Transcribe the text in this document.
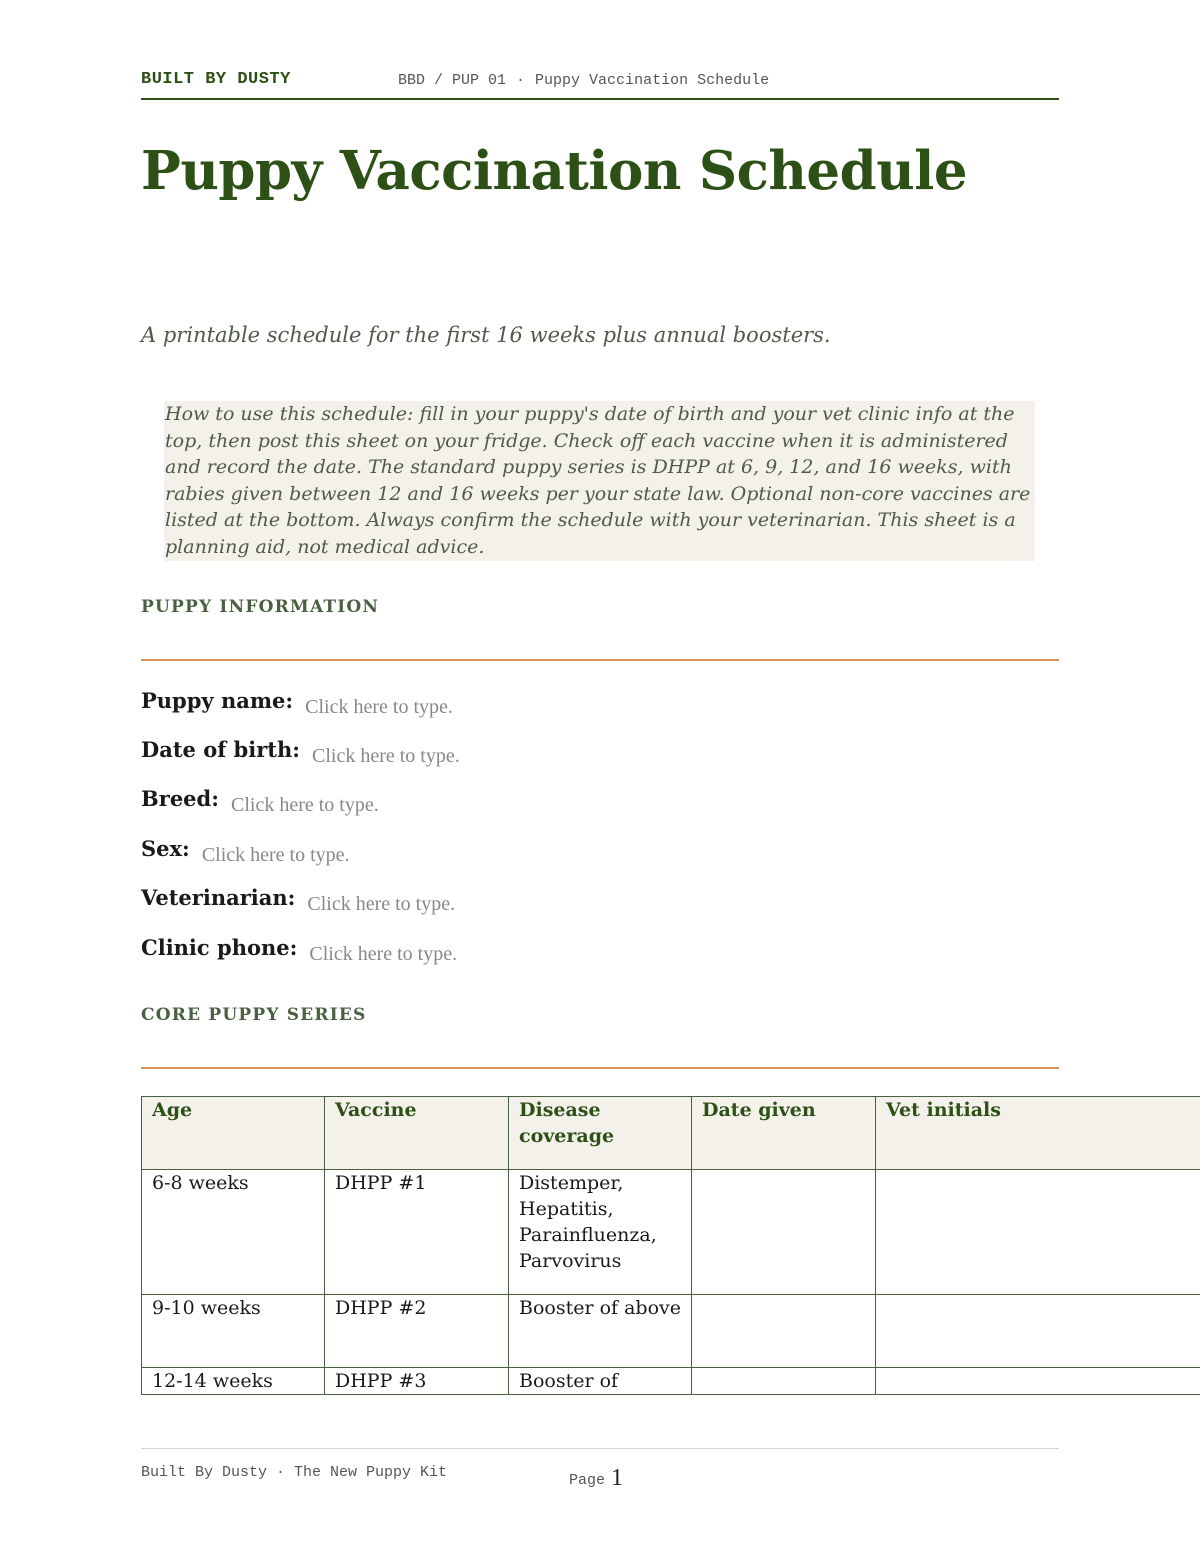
BUILT BY DUSTY	BBD / PUP 01 · Puppy Vaccination Schedule
Puppy Vaccination Schedule

A printable schedule for the first 16 weeks plus annual boosters.

How to use this schedule: fill in your puppy's date of birth and your vet clinic info at the top, then post this sheet on your fridge. Check off each vaccine when it is administered and record the date. The standard puppy series is DHPP at 6, 9, 12, and 16 weeks, with rabies given between 12 and 16 weeks per your state law. Optional non-core vaccines are listed at the bottom. Always confirm the schedule with your veterinarian. This sheet is a planning aid, not medical advice.
PUPPY INFORMATION
Puppy name: Click here to type.
Date of birth: Click here to type.
Breed: Click here to type.
Sex: Click here to type.
Veterinarian: Click here to type.
Clinic phone: Click here to type.
CORE PUPPY SERIES
Age	Vaccine	Disease coverage	Date given	Vet initials
6-8 weeks	DHPP #1	Distemper, Hepatitis, Parainfluenza, Parvovirus		
9-10 weeks	DHPP #2	Booster of above		
12-14 weeks	DHPP #3	Booster of		
Built By Dusty · The New Puppy Kit	Page 1
